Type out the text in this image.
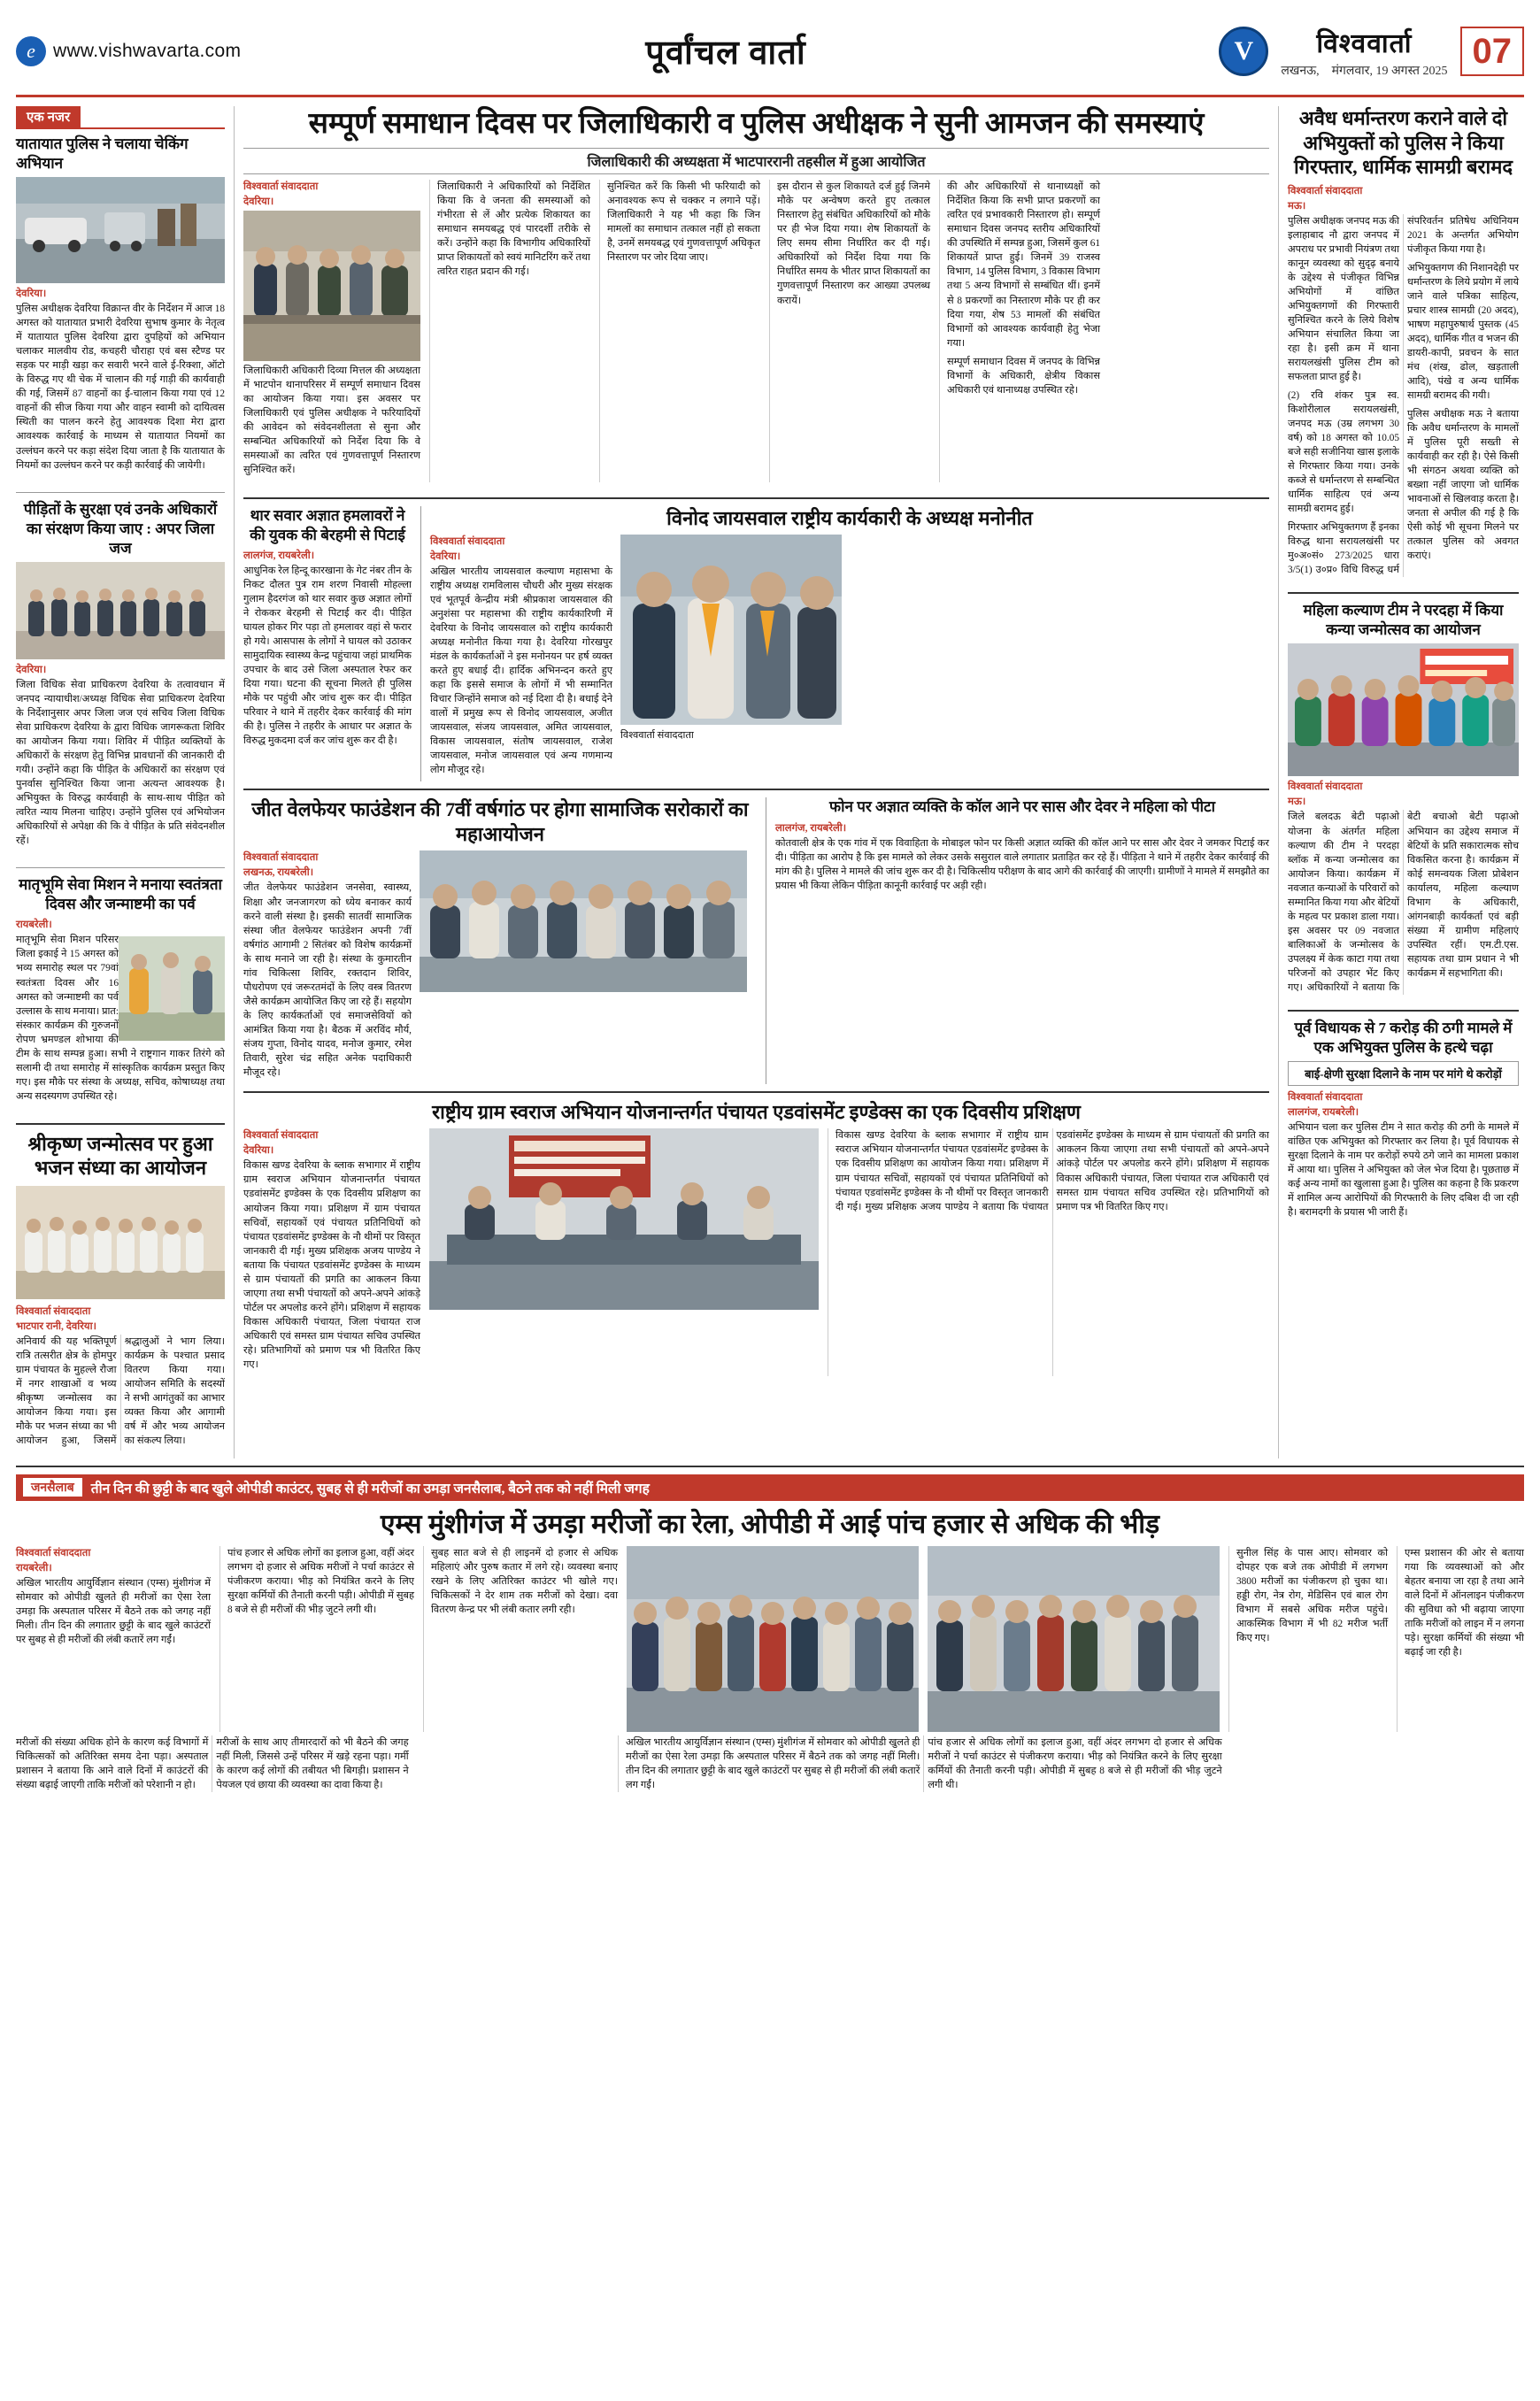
e www.vishwavarta.com	पूर्वांचल वार्ता	V	विश्ववार्ता
लखनऊ, मंगलवार, 19 अगस्त 2025
07
एक नजर
यातायात पुलिस ने चलाया चेकिंग अभियान
देवरिया।

पुलिस अधीक्षक देवरिया विक्रान्त वीर के निर्देशन में आज 18 अगस्त को यातायात प्रभारी देवरिया सुभाष कुमार के नेतृत्व में यातायात पुलिस देवरिया द्वारा दुपहियों को अभियान चलाकर मालवीय रोड, कचहरी चौराहा एवं बस स्टैण्ड पर सड़क पर माड़ी खड़ा कर सवारी भरने वाले ई-रिक्शा, ऑटो के विरुद्ध गए थी चेक में चालान की गई गाड़ी की कार्यवाही की गई, जिसमें 87 वाहनों का ई-चालान किया गया एवं 12 वाहनों की सीज किया गया और वाहन स्वामी को दायित्वस स्थिती का पालन करने हेतु आवश्यक दिशा मेरा द्वारा आवश्यक कार्रवाई के माध्यम से यातायात नियमों का उल्लंघन करने पर कड़ा संदेश दिया जाता है कि यातायात के नियमों का उल्लंघन करने पर कड़ी कार्रवाई की जायेगी।

पीड़ितों के सुरक्षा एवं उनके अधिकारों का संरक्षण किया जाए : अपर जिला जज
देवरिया।

जिला विधिक सेवा प्राधिकरण देवरिया के तत्वावधान में जनपद न्यायाधीश/अध्यक्ष विधिक सेवा प्राधिकरण देवरिया के निर्देशानुसार अपर जिला जज एवं सचिव जिला विधिक सेवा प्राधिकरण देवरिया के द्वारा विधिक जागरूकता शिविर का आयोजन किया गया। शिविर में पीड़ित व्यक्तियों के अधिकारों के संरक्षण हेतु विभिन्न प्रावधानों की जानकारी दी गयी। उन्होंने कहा कि पीड़ित के अधिकारों का संरक्षण एवं पुनर्वास सुनिश्चित किया जाना अत्यन्त आवश्यक है। अभियुक्त के विरुद्ध कार्यवाही के साथ-साथ पीड़ित को त्वरित न्याय मिलना चाहिए। उन्होंने पुलिस एवं अभियोजन अधिकारियों से अपेक्षा की कि वे पीड़ित के प्रति संवेदनशील रहें।

मातृभूमि सेवा मिशन ने मनाया स्वतंत्रता दिवस और जन्माष्टमी का पर्व
रायबरेली।

मातृभूमि सेवा मिशन परिसर जिला इकाई ने 15 अगस्त को भव्य समारोह स्थल पर 79वां स्वतंत्रता दिवस और 16 अगस्त को जन्माष्टमी का पर्व उल्लास के साथ मनाया। प्रात: संस्कार कार्यक्रम की गुरुजनों रोपण भ्रमण्डल शोभाया की टीम के साथ सम्पन्न हुआ। सभी ने राष्ट्रगान गाकर तिरंगे को सलामी दी तथा समारोह में सांस्कृतिक कार्यक्रम प्रस्तुत किए गए। इस मौके पर संस्था के अध्यक्ष, सचिव, कोषाध्यक्ष तथा अन्य सदस्यगण उपस्थित रहे।

श्रीकृष्ण जन्मोत्सव पर हुआ भजन संध्या का आयोजन
विश्ववार्ता संवाददाता
भाटपार रानी, देवरिया।

अनिवार्य की यह भक्तिपूर्ण रात्रि तत्सरीत क्षेत्र के होमपुर ग्राम पंचायत के मुहल्ले रौजा में नगर शाखाओं व भव्य श्रीकृष्ण जन्मोत्सव का आयोजन किया गया। इस मौके पर भजन संध्या का भी आयोजन हुआ, जिसमें श्रद्धालुओं ने भाग लिया। कार्यक्रम के पश्चात प्रसाद वितरण किया गया। आयोजन समिति के सदस्यों ने सभी आगंतुकों का आभार व्यक्त किया और आगामी वर्ष में और भव्य आयोजन का संकल्प लिया।

सम्पूर्ण समाधान दिवस पर जिलाधिकारी व पुलिस अधीक्षक ने सुनी आमजन की समस्याएं
जिलाधिकारी की अध्यक्षता में भाटपाररानी तहसील में हुआ आयोजित
विश्ववार्ता संवाददाता
देवरिया।

जिलाधिकारी अधिकारी दिव्या मित्तल की अध्यक्षता में भाटपोन थानापरिसर में सम्पूर्ण समाधान दिवस का आयोजन किया गया। इस अवसर पर जिलाधिकारी एवं पुलिस अधीक्षक ने फरियादियों की आवेदन को संवेदनशीलता से सुना और सम्बन्धित अधिकारियों को निर्देश दिया कि वे समस्याओं का त्वरित एवं गुणवत्तापूर्ण निस्तारण सुनिश्चित करें।

जिलाधिकारी ने अधिकारियों को निर्देशित किया कि वे जनता की समस्याओं को गंभीरता से लें और प्रत्येक शिकायत का समाधान समयबद्ध एवं पारदर्शी तरीके से करें। उन्होंने कहा कि विभागीय अधिकारियों प्राप्त शिकायतों को स्वयं मानिटरिंग करें तथा त्वरित राहत प्रदान की गई।

सुनिश्चित करें कि किसी भी फरियादी को अनावश्यक रूप से चक्कर न लगाने पड़ें। जिलाधिकारी ने यह भी कहा कि जिन मामलों का समाधान तत्काल नहीं हो सकता है, उनमें समयबद्ध एवं गुणवत्तापूर्ण अधिकृत निस्तारण पर जोर दिया जाए।

इस दौरान से कुल शिकायते दर्ज हुई जिनमे मौके पर अन्वेषण करते हुए तत्काल निस्तारण हेतु संबंधित अधिकारियों को मौके पर ही भेज दिया गया। शेष शिकायतों के लिए समय सीमा निर्धारित कर दी गई। अधिकारियों को निर्देश दिया गया कि निर्धारित समय के भीतर प्राप्त शिकायतों का गुणवत्तापूर्ण निस्तारण कर आख्या उपलब्ध करायें।

की और अधिकारियों से थानाध्यक्षों को निर्देशित किया कि सभी प्राप्त प्रकरणों का त्वरित एवं प्रभावकारी निस्तारण हो। सम्पूर्ण समाधान दिवस जनपद स्तरीय अधिकारियों की उपस्थिति में सम्पन्न हुआ, जिसमें कुल 61 शिकायतें प्राप्त हुई। जिनमें 39 राजस्व विभाग, 14 पुलिस विभाग, 3 विकास विभाग तथा 5 अन्य विभागों से सम्बंधित थीं। इनमें से 8 प्रकरणों का निस्तारण मौके पर ही कर दिया गया, शेष 53 मामलों की संबंधित विभागों को आवश्यक कार्यवाही हेतु भेजा गया।

सम्पूर्ण समाधान दिवस में जनपद के विभिन्न विभागों के अधिकारी, क्षेत्रीय विकास अधिकारी एवं थानाध्यक्ष उपस्थित रहे।

थार सवार अज्ञात हमलावरों ने की युवक की बेरहमी से पिटाई
लालगंज, रायबरेली।

आधुनिक रेल हिन्दू कारखाना के गेट नंबर तीन के निकट दौलत पुत्र राम शरण निवासी मोहल्ला गुलाम हैदरगंज को थार सवार कुछ अज्ञात लोगों ने रोककर बेरहमी से पिटाई कर दी। पीड़ित घायल होकर गिर पड़ा तो हमलावर वहां से फरार हो गये। आसपास के लोगों ने घायल को उठाकर सामुदायिक स्वास्थ्य केन्द्र पहुंचाया जहां प्राथमिक उपचार के बाद उसे जिला अस्पताल रेफर कर दिया गया। घटना की सूचना मिलते ही पुलिस मौके पर पहुंची और जांच शुरू कर दी। पीड़ित परिवार ने थाने में तहरीर देकर कार्रवाई की मांग की है। पुलिस ने तहरीर के आधार पर अज्ञात के विरुद्ध मुकदमा दर्ज कर जांच शुरू कर दी है।

विनोद जायसवाल राष्ट्रीय कार्यकारी के अध्यक्ष मनोनीत
विश्ववार्ता संवाददाता
देवरिया।

अखिल भारतीय जायसवाल कल्याण महासभा के राष्ट्रीय अध्यक्ष रामविलास चौधरी और मुख्य संरक्षक एवं भूतपूर्व केन्द्रीय मंत्री श्रीप्रकाश जायसवाल की अनुशंसा पर महासभा की राष्ट्रीय कार्यकारिणी में देवरिया के विनोद जायसवाल को राष्ट्रीय कार्यकारी अध्यक्ष मनोनीत किया गया है। देवरिया गोरखपुर मंडल के कार्यकर्ताओं ने इस मनोनयन पर हर्ष व्यक्त करते हुए बधाई दी। हार्दिक अभिनन्दन करते हुए कहा कि इससे समाज के लोगों में भी सम्मानित विचार जिन्होंने समाज को नई दिशा दी है। बधाई देने वालों में प्रमुख रूप से विनोद जायसवाल, अजीत जायसवाल, संजय जायसवाल, अमित जायसवाल, विकास जायसवाल, संतोष जायसवाल, राजेश जायसवाल, मनोज जायसवाल एवं अन्य गणमान्य लोग मौजूद रहे।

विश्ववार्ता संवाददाता

जीत वेलफेयर फाउंडेशन की 7वीं वर्षगांठ पर होगा सामाजिक सरोकारों का महाआयोजन
विश्ववार्ता संवाददाता
लखनऊ, रायबरेली।

जीत वेलफेयर फाउंडेशन जनसेवा, स्वास्थ्य, शिक्षा और जनजागरण को ध्येय बनाकर कार्य करने वाली संस्था है। इसकी सातवीं सामाजिक संस्था जीत वेलफेयर फाउंडेशन अपनी 7वीं वर्षगांठ आगामी 2 सितंबर को विशेष कार्यक्रमों के साथ मनाने जा रही है। संस्था के कुमारतीन गांव चिकित्सा शिविर, रक्तदान शिविर, पौधरोपण एवं जरूरतमंदों के लिए वस्त्र वितरण जैसे कार्यक्रम आयोजित किए जा रहे हैं। सहयोग के लिए कार्यकर्ताओं एवं समाजसेवियों को आमंत्रित किया गया है। बैठक में अरविंद मौर्य, संजय गुप्ता, विनोद यादव, मनोज कुमार, रमेश तिवारी, सुरेश चंद्र सहित अनेक पदाधिकारी मौजूद रहे।

फोन पर अज्ञात व्यक्ति के कॉल आने पर सास और देवर ने महिला को पीटा
लालगंज, रायबरेली।

कोतवाली क्षेत्र के एक गांव में एक विवाहिता के मोबाइल फोन पर किसी अज्ञात व्यक्ति की कॉल आने पर सास और देवर ने जमकर पिटाई कर दी। पीड़िता का आरोप है कि इस मामले को लेकर उसके ससुराल वाले लगातार प्रताड़ित कर रहे हैं। पीड़िता ने थाने में तहरीर देकर कार्रवाई की मांग की है। पुलिस ने मामले की जांच शुरू कर दी है। चिकित्सीय परीक्षण के बाद आगे की कार्रवाई की जाएगी। ग्रामीणों ने मामले में समझौते का प्रयास भी किया लेकिन पीड़िता कानूनी कार्रवाई पर अड़ी रही।

राष्ट्रीय ग्राम स्वराज अभियान योजनान्तर्गत पंचायत एडवांसमेंट इण्डेक्स का एक दिवसीय प्रशिक्षण
विश्ववार्ता संवाददाता
देवरिया।

विकास खण्ड देवरिया के ब्लाक सभागार में राष्ट्रीय ग्राम स्वराज अभियान योजनान्तर्गत पंचायत एडवांसमेंट इण्डेक्स के एक दिवसीय प्रशिक्षण का आयोजन किया गया। प्रशिक्षण में ग्राम पंचायत सचिवों, सहायकों एवं पंचायत प्रतिनिधियों को पंचायत एडवांसमेंट इण्डेक्स के नौ थीमों पर विस्तृत जानकारी दी गई। मुख्य प्रशिक्षक अजय पाण्डेय ने बताया कि पंचायत एडवांसमेंट इण्डेक्स के माध्यम से ग्राम पंचायतों की प्रगति का आकलन किया जाएगा तथा सभी पंचायतों को अपने-अपने आंकड़े पोर्टल पर अपलोड करने होंगे। प्रशिक्षण में सहायक विकास अधिकारी पंचायत, जिला पंचायत राज अधिकारी एवं समस्त ग्राम पंचायत सचिव उपस्थित रहे। प्रतिभागियों को प्रमाण पत्र भी वितरित किए गए।

विकास खण्ड देवरिया के ब्लाक सभागार में राष्ट्रीय ग्राम स्वराज अभियान योजनान्तर्गत पंचायत एडवांसमेंट इण्डेक्स के एक दिवसीय प्रशिक्षण का आयोजन किया गया। प्रशिक्षण में ग्राम पंचायत सचिवों, सहायकों एवं पंचायत प्रतिनिधियों को पंचायत एडवांसमेंट इण्डेक्स के नौ थीमों पर विस्तृत जानकारी दी गई। मुख्य प्रशिक्षक अजय पाण्डेय ने बताया कि पंचायत एडवांसमेंट इण्डेक्स के माध्यम से ग्राम पंचायतों की प्रगति का आकलन किया जाएगा तथा सभी पंचायतों को अपने-अपने आंकड़े पोर्टल पर अपलोड करने होंगे। प्रशिक्षण में सहायक विकास अधिकारी पंचायत, जिला पंचायत राज अधिकारी एवं समस्त ग्राम पंचायत सचिव उपस्थित रहे। प्रतिभागियों को प्रमाण पत्र भी वितरित किए गए।

अवैध धर्मान्तरण कराने वाले दो अभियुक्तों को पुलिस ने किया गिरफ्तार, धार्मिक सामग्री बरामद
विश्ववार्ता संवाददाता
मऊ।

पुलिस अधीक्षक जनपद मऊ की इलाहाबाद नौ द्वारा जनपद में अपराध पर प्रभावी नियंत्रण तथा कानून व्यवस्था को सुदृढ़ बनाये के उद्देश्य से पंजीकृत विभिन्न अभियोगों में वांछित अभियुक्तगणों की गिरफ्तारी सुनिश्चित करने के लिये विशेष अभियान संचालित किया जा रहा है। इसी क्रम में थाना सरायलखंसी पुलिस टीम को सफलता प्राप्त हुई है।

(2) रवि शंकर पुत्र स्व. किशोरीलाल सरायलखंसी, जनपद मऊ (उम्र लगभग 30 वर्ष) को 18 अगस्त को 10.05 बजे सही सजीनिया खास इलाके से गिरफ्तार किया गया। उनके कब्जे से धर्मान्तरण से सम्बन्धित धार्मिक साहित्य एवं अन्य सामग्री बरामद हुई।

गिरफ्तार अभियुक्तगण हैं इनका विरुद्ध थाना सरायलखंसी पर मु०अ०सं० 273/2025 धारा 3/5(1) उ०प्र० विधि विरुद्ध धर्म संपरिवर्तन प्रतिषेध अधिनियम 2021 के अन्तर्गत अभियोग पंजीकृत किया गया है।

अभियुक्तगण की निशानदेही पर धर्मान्तरण के लिये प्रयोग में लाये जाने वाले पत्रिका साहित्य, प्रचार शास्त्र सामग्री (20 अदद), भाषण महापुरुषार्थ पुस्तक (45 अदद), धार्मिक गीत व भजन की डायरी-कापी, प्रवचन के सात मंच (शंख, ढोल, खड़ताली आदि), पंखे व अन्य धार्मिक सामग्री बरामद की गयी।

पुलिस अधीक्षक मऊ ने बताया कि अवैध धर्मान्तरण के मामलों में पुलिस पूरी सख्ती से कार्यवाही कर रही है। ऐसे किसी भी संगठन अथवा व्यक्ति को बख्शा नहीं जाएगा जो धार्मिक भावनाओं से खिलवाड़ करता है। जनता से अपील की गई है कि ऐसी कोई भी सूचना मिलने पर तत्काल पुलिस को अवगत कराएं।

महिला कल्याण टीम ने परदहा में किया कन्या जन्मोत्सव का आयोजन
विश्ववार्ता संवाददाता
मऊ।

जिले बलदऊ बेटी पढ़ाओ योजना के अंतर्गत महिला कल्याण की टीम ने परदहा ब्लॉक में कन्या जन्मोत्सव का आयोजन किया। कार्यक्रम में नवजात कन्याओं के परिवारों को सम्मानित किया गया और बेटियों के महत्व पर प्रकाश डाला गया। इस अवसर पर 09 नवजात बालिकाओं के जन्मोत्सव के उपलक्ष्य में केक काटा गया तथा परिजनों को उपहार भेंट किए गए। अधिकारियों ने बताया कि बेटी बचाओ बेटी पढ़ाओ अभियान का उद्देश्य समाज में बेटियों के प्रति सकारात्मक सोच विकसित करना है। कार्यक्रम में कोई समन्वयक जिला प्रोबेशन कार्यालय, महिला कल्याण विभाग के अधिकारी, आंगनबाड़ी कार्यकर्ता एवं बड़ी संख्या में ग्रामीण महिलाएं उपस्थित रहीं। एम.टी.एस. सहायक तथा ग्राम प्रधान ने भी कार्यक्रम में सहभागिता की।

पूर्व विधायक से 7 करोड़ की ठगी मामले में एक अभियुक्त पुलिस के हत्थे चढ़ा
बाई-क्षेणी सुरक्षा दिलाने के नाम पर मांगे थे करोड़ों
विश्ववार्ता संवाददाता
लालगंज, रायबरेली।

अभियान चला कर पुलिस टीम ने सात करोड़ की ठगी के मामले में वांछित एक अभियुक्त को गिरफ्तार कर लिया है। पूर्व विधायक से सुरक्षा दिलाने के नाम पर करोड़ों रुपये ठगे जाने का मामला प्रकाश में आया था। पुलिस ने अभियुक्त को जेल भेज दिया है। पूछताछ में कई अन्य नामों का खुलासा हुआ है। पुलिस का कहना है कि प्रकरण में शामिल अन्य आरोपियों की गिरफ्तारी के लिए दबिश दी जा रही है। बरामदगी के प्रयास भी जारी हैं।

जनसैलाब	तीन दिन की छुट्टी के बाद खुले ओपीडी काउंटर, सुबह से ही मरीजों का उमड़ा जनसैलाब, बैठने तक को नहीं मिली जगह
एम्स मुंशीगंज में उमड़ा मरीजों का रेला, ओपीडी में आई पांच हजार से अधिक की भीड़
विश्ववार्ता संवाददाता
रायबरेली।

अखिल भारतीय आयुर्विज्ञान संस्थान (एम्स) मुंशीगंज में सोमवार को ओपीडी खुलते ही मरीजों का ऐसा रेला उमड़ा कि अस्पताल परिसर में बैठने तक को जगह नहीं मिली। तीन दिन की लगातार छुट्टी के बाद खुले काउंटरों पर सुबह से ही मरीजों की लंबी कतारें लग गईं।

पांच हजार से अधिक लोगों का इलाज हुआ, वहीं अंदर लगभग दो हजार से अधिक मरीजों ने पर्चा काउंटर से पंजीकरण कराया। भीड़ को नियंत्रित करने के लिए सुरक्षा कर्मियों की तैनाती करनी पड़ी। ओपीडी में सुबह 8 बजे से ही मरीजों की भीड़ जुटने लगी थी।

सुबह सात बजे से ही लाइनमें दो हजार से अधिक महिलाएं और पुरुष कतार में लगे रहे। व्यवस्था बनाए रखने के लिए अतिरिक्त काउंटर भी खोले गए। चिकित्सकों ने देर शाम तक मरीजों को देखा। दवा वितरण केन्द्र पर भी लंबी कतार लगी रही।

सुनील सिंह के पास आए। सोमवार को दोपहर एक बजे तक ओपीडी में लगभग 3800 मरीजों का पंजीकरण हो चुका था। हड्डी रोग, नेत्र रोग, मेडिसिन एवं बाल रोग विभाग में सबसे अधिक मरीज पहुंचे। आकस्मिक विभाग में भी 82 मरीज भर्ती किए गए।

एम्स प्रशासन की ओर से बताया गया कि व्यवस्थाओं को और बेहतर बनाया जा रहा है तथा आने वाले दिनों में ऑनलाइन पंजीकरण की सुविधा को भी बढ़ाया जाएगा ताकि मरीजों को लाइन में न लगना पड़े। सुरक्षा कर्मियों की संख्या भी बढ़ाई जा रही है।

मरीजों की संख्या अधिक होने के कारण कई विभागों में चिकित्सकों को अतिरिक्त समय देना पड़ा। अस्पताल प्रशासन ने बताया कि आने वाले दिनों में काउंटरों की संख्या बढ़ाई जाएगी ताकि मरीजों को परेशानी न हो।

मरीजों के साथ आए तीमारदारों को भी बैठने की जगह नहीं मिली, जिससे उन्हें परिसर में खड़े रहना पड़ा। गर्मी के कारण कई लोगों की तबीयत भी बिगड़ी। प्रशासन ने पेयजल एवं छाया की व्यवस्था का दावा किया है।

अखिल भारतीय आयुर्विज्ञान संस्थान (एम्स) मुंशीगंज में सोमवार को ओपीडी खुलते ही मरीजों का ऐसा रेला उमड़ा कि अस्पताल परिसर में बैठने तक को जगह नहीं मिली। तीन दिन की लगातार छुट्टी के बाद खुले काउंटरों पर सुबह से ही मरीजों की लंबी कतारें लग गईं।

पांच हजार से अधिक लोगों का इलाज हुआ, वहीं अंदर लगभग दो हजार से अधिक मरीजों ने पर्चा काउंटर से पंजीकरण कराया। भीड़ को नियंत्रित करने के लिए सुरक्षा कर्मियों की तैनाती करनी पड़ी। ओपीडी में सुबह 8 बजे से ही मरीजों की भीड़ जुटने लगी थी।
